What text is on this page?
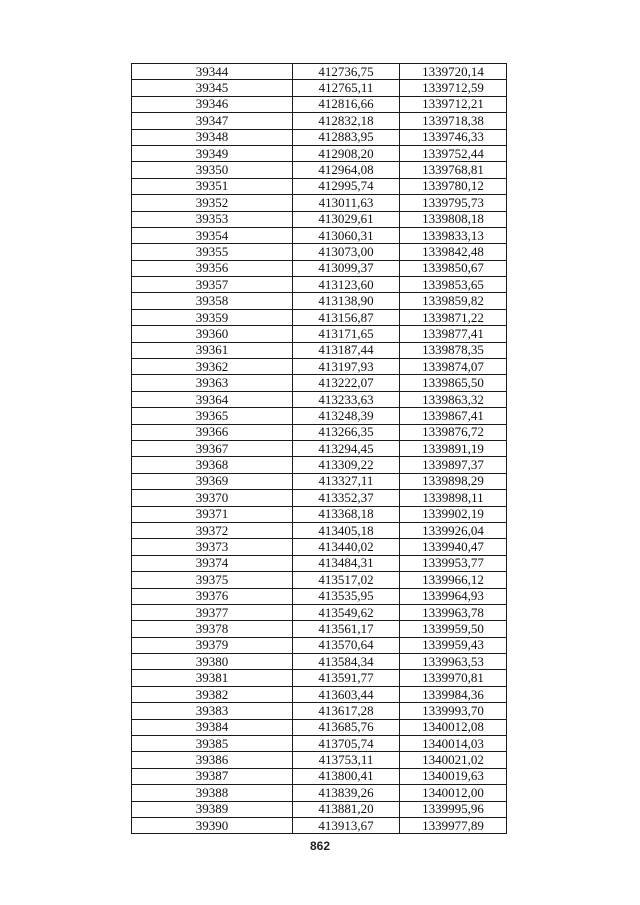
39344	412736,75	1339720,14
39345	412765,11	1339712,59
39346	412816,66	1339712,21
39347	412832,18	1339718,38
39348	412883,95	1339746,33
39349	412908,20	1339752,44
39350	412964,08	1339768,81
39351	412995,74	1339780,12
39352	413011,63	1339795,73
39353	413029,61	1339808,18
39354	413060,31	1339833,13
39355	413073,00	1339842,48
39356	413099,37	1339850,67
39357	413123,60	1339853,65
39358	413138,90	1339859,82
39359	413156,87	1339871,22
39360	413171,65	1339877,41
39361	413187,44	1339878,35
39362	413197,93	1339874,07
39363	413222,07	1339865,50
39364	413233,63	1339863,32
39365	413248,39	1339867,41
39366	413266,35	1339876,72
39367	413294,45	1339891,19
39368	413309,22	1339897,37
39369	413327,11	1339898,29
39370	413352,37	1339898,11
39371	413368,18	1339902,19
39372	413405,18	1339926,04
39373	413440,02	1339940,47
39374	413484,31	1339953,77
39375	413517,02	1339966,12
39376	413535,95	1339964,93
39377	413549,62	1339963,78
39378	413561,17	1339959,50
39379	413570,64	1339959,43
39380	413584,34	1339963,53
39381	413591,77	1339970,81
39382	413603,44	1339984,36
39383	413617,28	1339993,70
39384	413685,76	1340012,08
39385	413705,74	1340014,03
39386	413753,11	1340021,02
39387	413800,41	1340019,63
39388	413839,26	1340012,00
39389	413881,20	1339995,96
39390	413913,67	1339977,89
862
